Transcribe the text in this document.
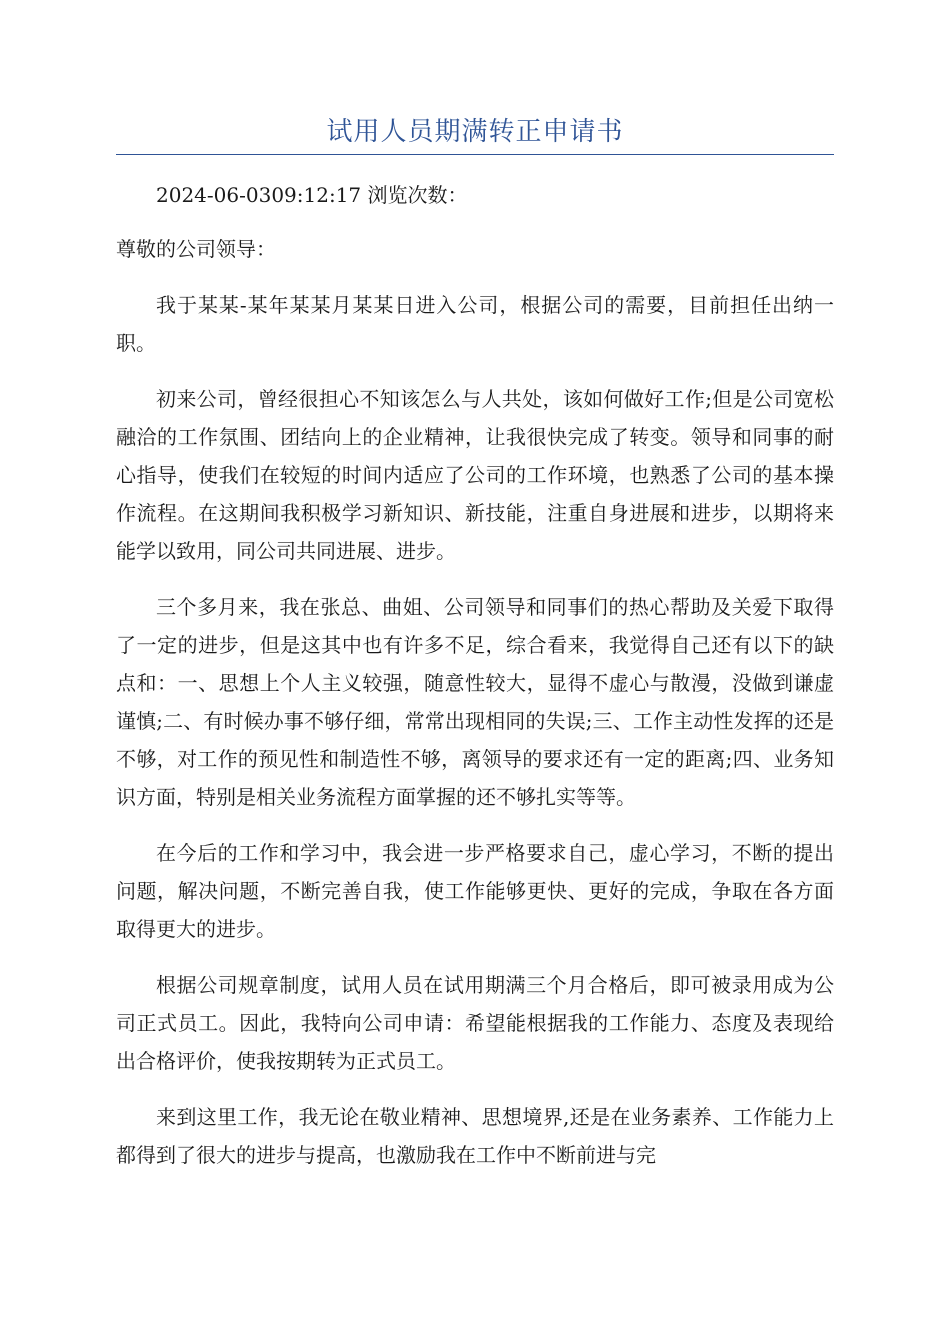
试用人员期满转正申请书

2024-06-0309:12:17 浏览次数：

尊敬的公司领导：

我于某某-某年某某月某某日进入公司，根据公司的需要，目前担任出纳一职。

初来公司，曾经很担心不知该怎么与人共处，该如何做好工作;但是公司宽松融洽的工作氛围、团结向上的企业精神，让我很快完成了转变。领导和同事的耐心指导，使我们在较短的时间内适应了公司的工作环境，也熟悉了公司的基本操作流程。在这期间我积极学习新知识、新技能，注重自身进展和进步，以期将来能学以致用，同公司共同进展、进步。

三个多月来，我在张总、曲姐、公司领导和同事们的热心帮助及关爱下取得了一定的进步，但是这其中也有许多不足，综合看来，我觉得自己还有以下的缺点和：一、思想上个人主义较强，随意性较大，显得不虚心与散漫，没做到谦虚谨慎;二、有时候办事不够仔细，常常出现相同的失误;三、工作主动性发挥的还是不够，对工作的预见性和制造性不够，离领导的要求还有一定的距离;四、业务知识方面，特别是相关业务流程方面掌握的还不够扎实等等。

在今后的工作和学习中，我会进一步严格要求自己，虚心学习，不断的提出问题，解决问题，不断完善自我，使工作能够更快、更好的完成，争取在各方面取得更大的进步。

根据公司规章制度，试用人员在试用期满三个月合格后，即可被录用成为公司正式员工。因此，我特向公司申请：希望能根据我的工作能力、态度及表现给出合格评价，使我按期转为正式员工。

来到这里工作，我无论在敬业精神、思想境界,还是在业务素养、工作能力上都得到了很大的进步与提高，也激励我在工作中不断前进与完
